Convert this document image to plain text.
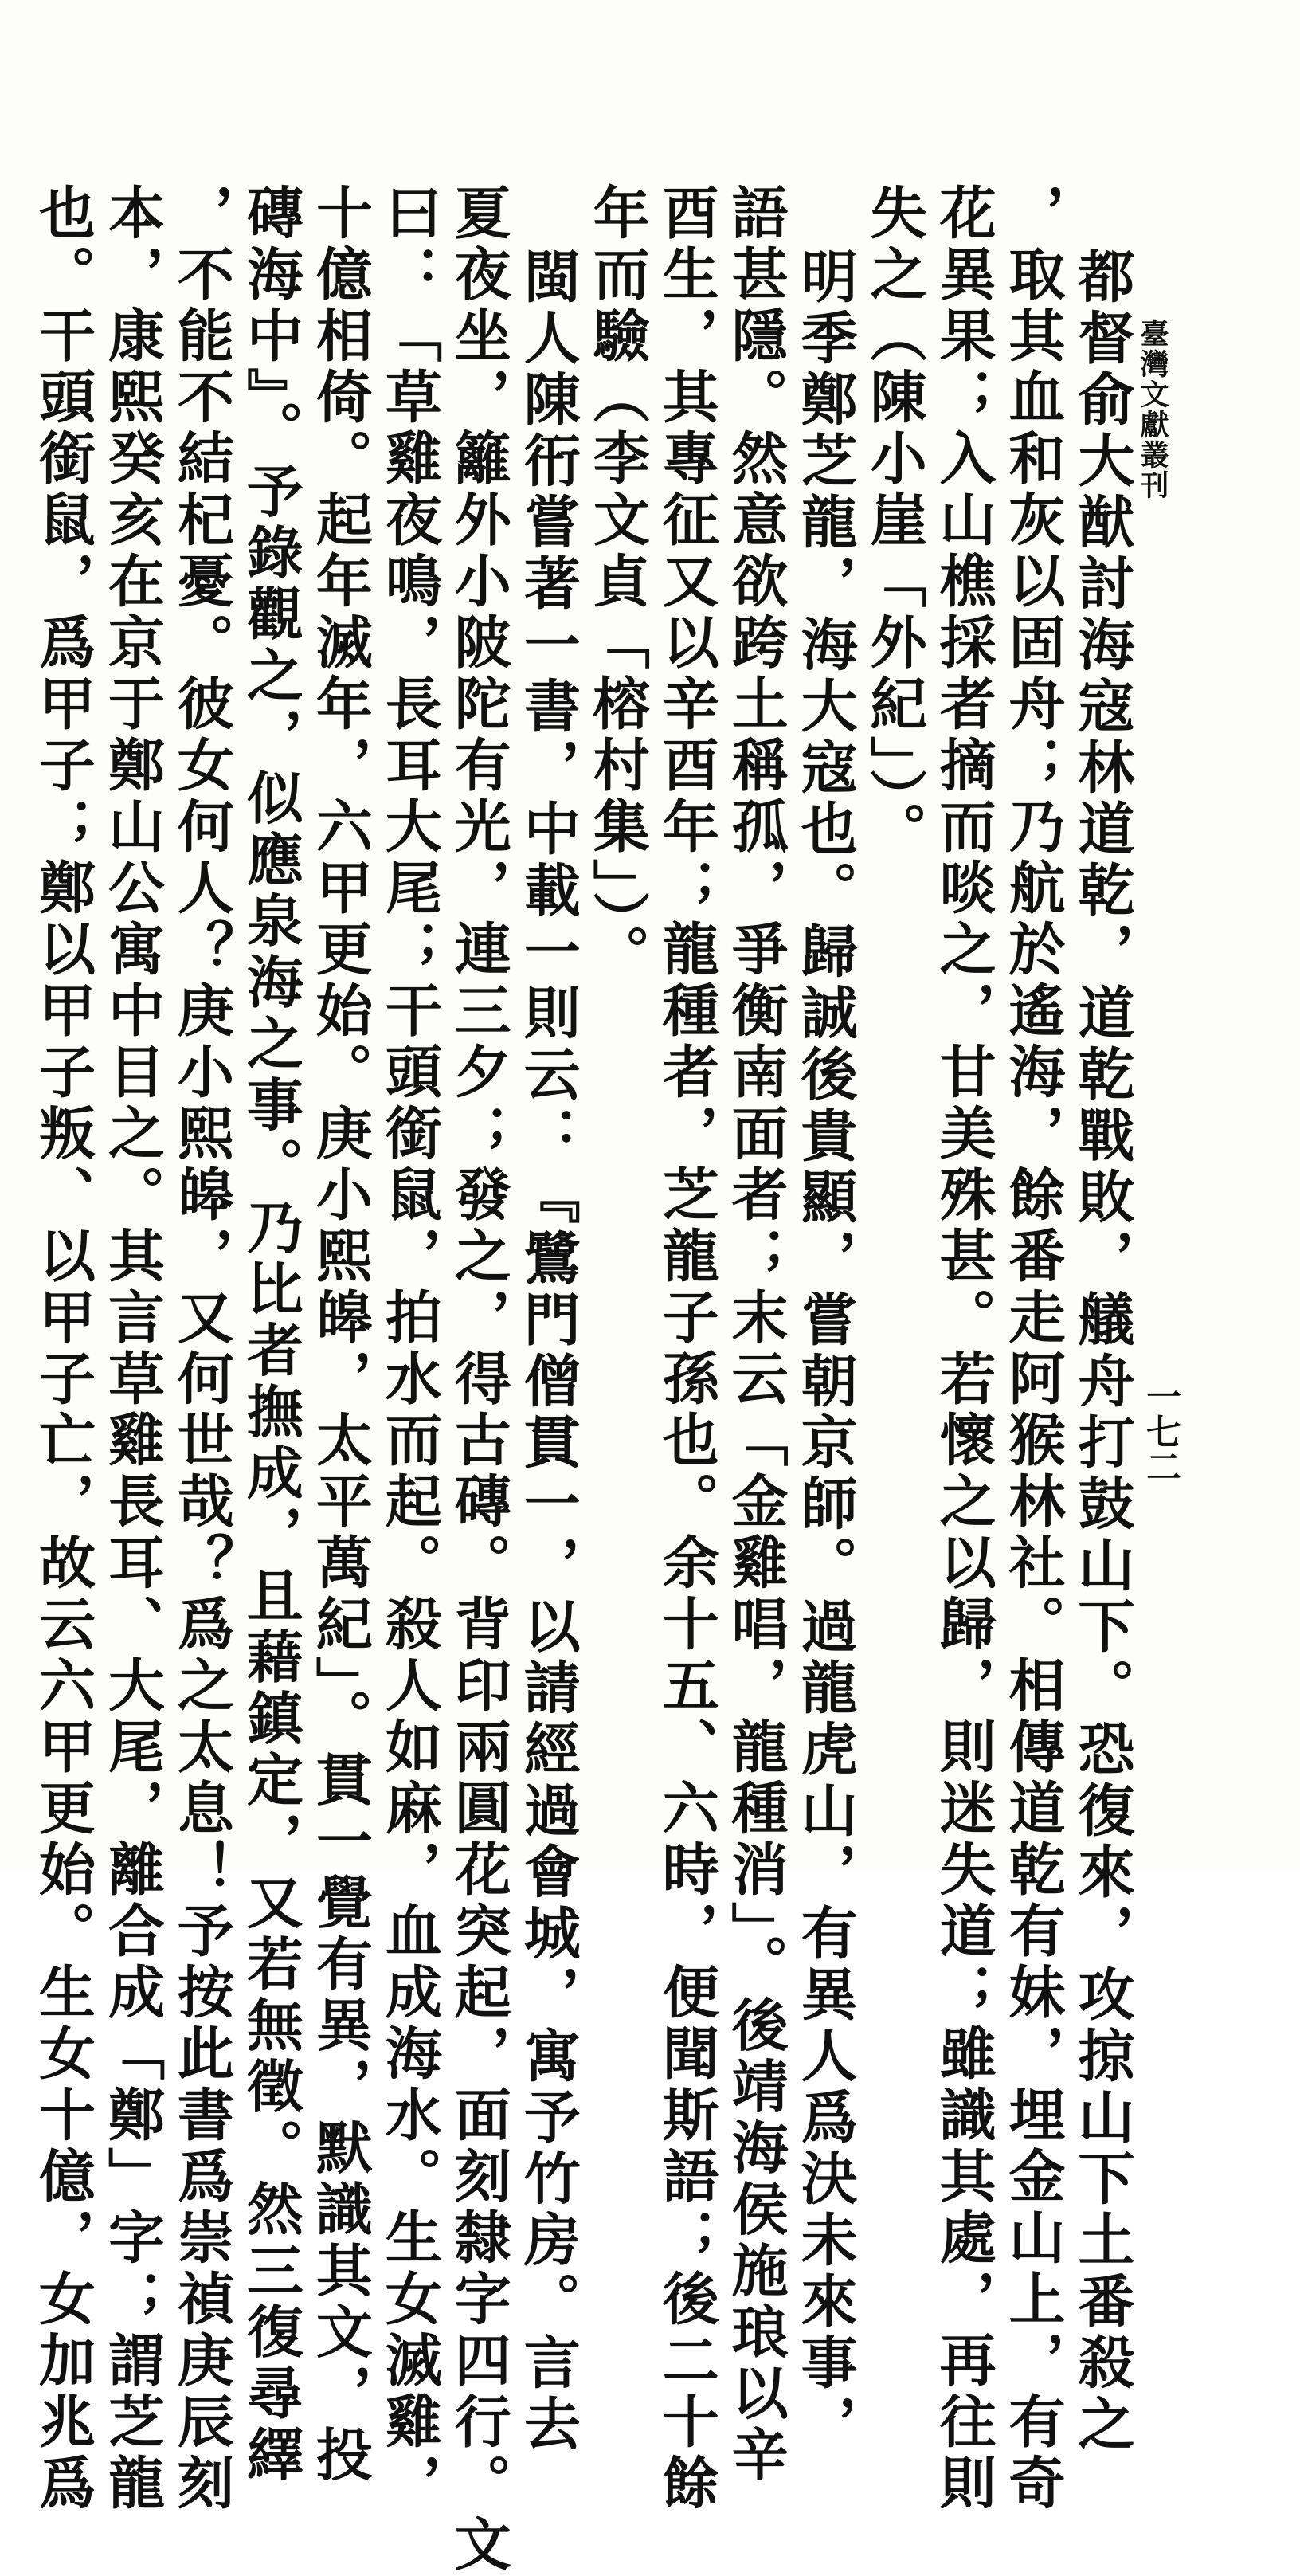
臺灣文獻叢刊
一七二

都督俞大猷討海寇林道乾，道乾戰敗，艤舟打鼓山下。恐復來，攻掠山下土番殺之

，取其血和灰以固舟；乃航於遙海，餘番走阿猴林社。相傳道乾有妹，埋金山上，有奇

花異果；入山樵採者摘而啖之，甘美殊甚。若懷之以歸，則迷失道；雖識其處，再往則

失之（陳小崖「外紀」）。

明季鄭芝龍，海大寇也。歸誠後貴顯，嘗朝京師。過龍虎山，有異人爲決未來事，

語甚隱。然意欲跨土稱孤，爭衡南面者；末云「金雞唱，龍種消」。後靖海侯施琅以辛

酉生，其專征又以辛酉年；龍種者，芝龍子孫也。余十五、六時，便聞斯語；後二十餘

年而驗（李文貞「榕村集」）。

閩人陳衎嘗著一書，中載一則云：『鷺門僧貫一，以請經過會城，寓予竹房。言去

夏夜坐，籬外小陂陀有光，連三夕；發之，得古磚。背印兩圓花突起，面刻隸字四行。文

曰：「草雞夜鳴，長耳大尾；干頭銜鼠，拍水而起。殺人如麻，血成海水。生女滅雞，

十億相倚。起年滅年，六甲更始。庚小熙皞，太平萬紀」。貫一覺有異，默識其文，投

磚海中』。予錄觀之，似應泉海之事。乃比者撫成，且藉鎮定，又若無徵。然三復尋繹

，不能不結杞憂。彼女何人？庚小熙皞，又何世哉？爲之太息！予按此書爲崇禎庚辰刻

本，康熙癸亥在京于鄭山公寓中目之。其言草雞長耳、大尾，離合成「鄭」字；謂芝龍

也。干頭銜鼠，爲甲子；鄭以甲子叛、以甲子亡，故云六甲更始。生女十億，女加兆爲
